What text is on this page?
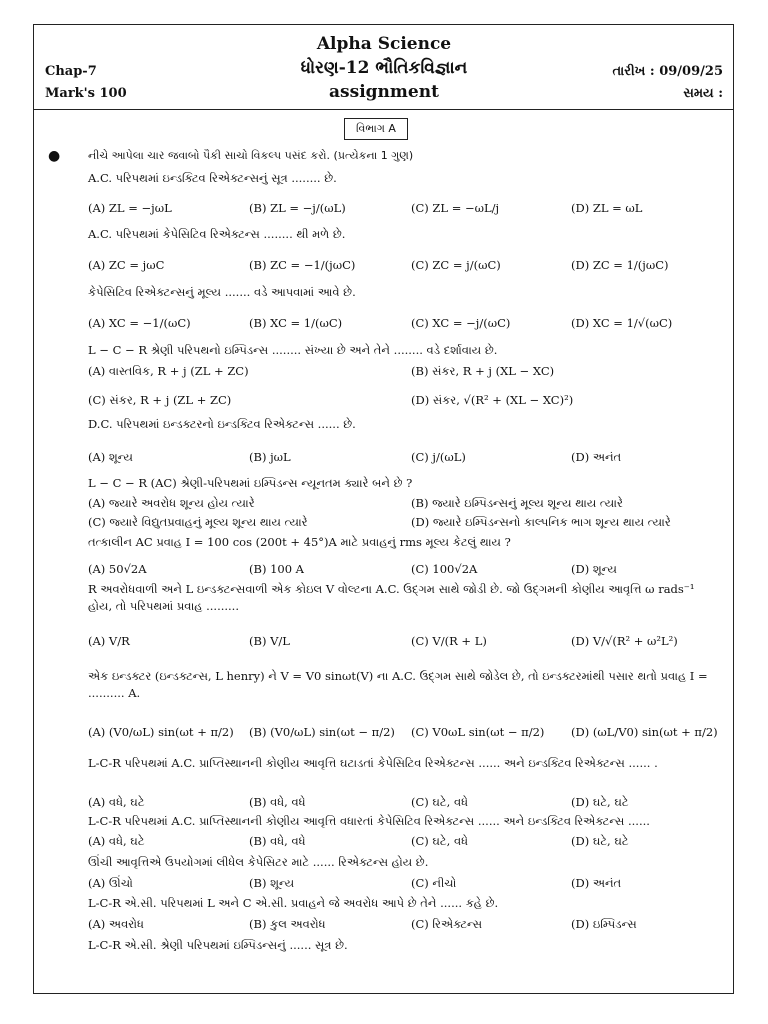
Alpha Science
ધોરણ-12 ભૌતિકવિજ્ઞાન
assignment
Chap-7
Mark's 100
તારીખ : 09/09/25
સમય :
વિભાગ A
●	નીચે આપેલા ચાર જવાબો પૈકી સાચો વિકલ્પ પસંદ કરો. (પ્રત્યેકના 1 ગુણ)
A.C. પરિપથમાં ઇન્ડક્ટિવ રિએક્ટન્સનું સૂત્ર ........ છે.
(A) ZL = −jωL	(B) ZL = −j/(ωL)	(C) ZL = −ωL/j	(D) ZL = ωL
A.C. પરિપથમાં કેપેસિટિવ રિએક્ટન્સ ........ થી મળે છે.
(A) ZC = jωC	(B) ZC = −1/(jωC)	(C) ZC = j/(ωC)	(D) ZC = 1/(jωC)
કેપેસિટિવ રિએક્ટન્સનું મૂલ્ય ....... વડે આપવામાં આવે છે.
(A) XC = −1/(ωC)	(B) XC = 1/(ωC)	(C) XC = −j/(ωC)	(D) XC = 1/√(ωC)
L − C − R શ્રેણી પરિપથનો ઇમ્પિડન્સ ........ સંખ્યા છે અને તેને ........ વડે દર્શાવાય છે.
(A) વાસ્તવિક, R + j (ZL + ZC)	(B) સંકર, R + j (XL − XC)
(C) સંકર, R + j (ZL + ZC)	(D) સંકર, √(R² + (XL − XC)²)
D.C. પરિપથમાં ઇન્ડક્ટરનો ઇન્ડક્ટિવ રિએક્ટન્સ ...... છે.
(A) શૂન્ય	(B) jωL	(C) j/(ωL)	(D) અનંત
L − C − R (AC) શ્રેણી-પરિપથમાં ઇમ્પિડન્સ ન્યૂનતમ ક્યારે બને છે ?
(A) જ્યારે અવરોધ શૂન્ય હોય ત્યારે	(B) જ્યારે ઇમ્પિડન્સનું મૂલ્ય શૂન્ય થાય ત્યારે
(C) જ્યારે વિદ્યુતપ્રવાહનું મૂલ્ય શૂન્ય થાય ત્યારે	(D) જ્યારે ઇમ્પિડન્સનો કાલ્પનિક ભાગ શૂન્ય થાય ત્યારે
તત્કાલીન AC પ્રવાહ I = 100 cos (200t + 45°)A માટે પ્રવાહનું rms મૂલ્ય કેટલું થાય ?
(A) 50√2A	(B) 100 A	(C) 100√2A	(D) શૂન્ય
R અવરોધવાળી અને L ઇન્ડક્ટન્સવાળી એક કોઇલ V વોલ્ટના A.C. ઉદ્ગમ સાથે જોડી છે. જો ઉદ્ગમની કોણીય આવૃત્તિ ω rads⁻¹ હોય, તો પરિપથમાં પ્રવાહ .........
(A) V/R	(B) V/L	(C) V/(R + L)	(D) V/√(R² + ω²L²)
એક ઇન્ડક્ટર (ઇન્ડક્ટન્સ, L henry) ને V = V0 sinωt(V) ના A.C. ઉદ્ગમ સાથે જોડેલ છે, તો ઇન્ડક્ટરમાંથી પસાર થતો પ્રવાહ I = .......... A.
(A) (V0/ωL) sin(ωt + π/2) (B) (V0/ωL) sin(ωt − π/2) (C) V0ωL sin(ωt − π/2) (D) (ωL/V0) sin(ωt + π/2)
L-C-R પરિપથમાં A.C. પ્રાપ્તિસ્થાનની કોણીય આવૃત્તિ ઘટાડતાં કેપેસિટિવ રિએક્ટન્સ ...... અને ઇન્ડક્ટિવ રિએક્ટન્સ ...... .
(A) વધે, ઘટે	(B) વધે, વધે	(C) ઘટે, વધે	(D) ઘટે, ઘટે
L-C-R પરિપથમાં A.C. પ્રાપ્તિસ્થાનની કોણીય આવૃત્તિ વધારતાં કેપેસિટિવ રિએક્ટન્સ ...... અને ઇન્ડક્ટિવ રિએક્ટન્સ ......
(A) વધે, ઘટે	(B) વધે, વધે	(C) ઘટે, વધે	(D) ઘટે, ઘટે
ઊંચી આવૃત્તિએ ઉપયોગમાં લીધેલ કેપેસિટર માટે ...... રિએક્ટન્સ હોય છે.
(A) ઊંચો	(B) શૂન્ય	(C) નીચો	(D) અનંત
L-C-R એ.સી. પરિપથમાં L અને C એ.સી. પ્રવાહને જે અવરોધ આપે છે તેને ...... કહે છે.
(A) અવરોધ	(B) કુલ અવરોધ	(C) રિએક્ટન્સ	(D) ઇમ્પિડન્સ
L-C-R એ.સી. શ્રેણી પરિપથમાં ઇમ્પિડન્સનું ...... સૂત્ર છે.
